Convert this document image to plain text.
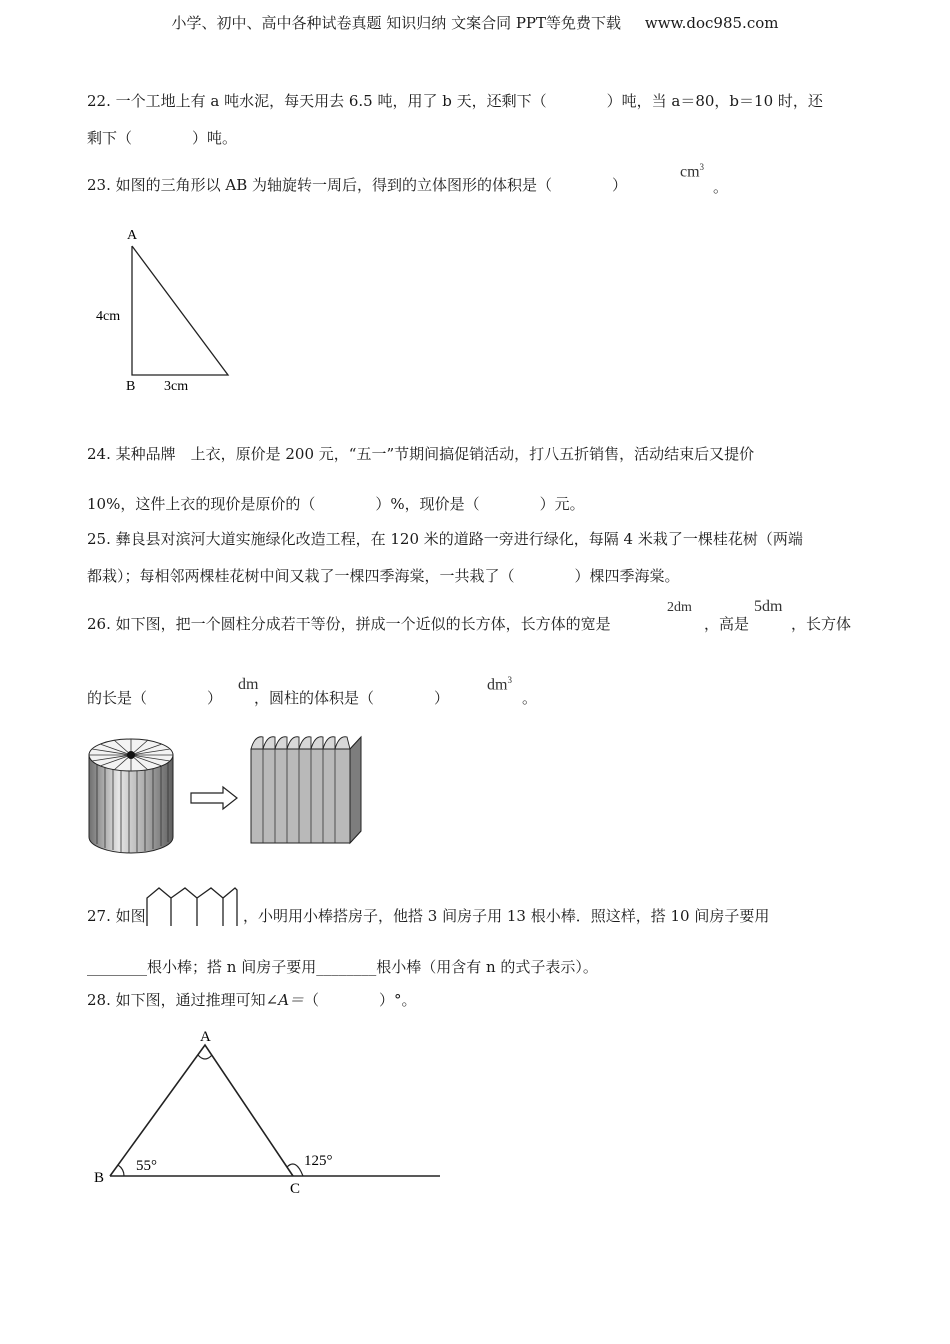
小学、初中、高中各种试卷真题 知识归纳 文案合同 PPT等免费下载 www.doc985.com
22. 一个工地上有 a 吨水泥，每天用去 6.5 吨，用了 b 天，还剩下（　　　　）吨，当 a＝80，b＝10 时，还
剩下（　　　　）吨。
23. 如图的三角形以 AB 为轴旋转一周后，得到的立体图形的体积是（　　　　）
$cm^3$
。
A
B
4cm
3cm
24. 某种品牌　上衣，原价是 200 元，“五一”节期间搞促销活动，打八五折销售，活动结束后又提价
10%，这件上衣的现价是原价的（　　　　）%，现价是（　　　　）元。
25. 彝良县对滨河大道实施绿化改造工程，在 120 米的道路一旁进行绿化，每隔 4 米栽了一棵桂花树（两端
都栽）；每相邻两棵桂花树中间又栽了一棵四季海棠，一共栽了（　　　　）棵四季海棠。
26. 如下图，把一个圆柱分成若干等份，拼成一个近似的长方体，长方体的宽是
2dm
，高是
5dm
，长方体
的长是（　　　　）
dm
，圆柱的体积是（　　　　）
$dm^3$
。
27. 如图	，小明用小棒搭房子，他搭 3 间房子用 13 根小棒．照这样，搭 10 间房子要用
________根小棒；搭 n 间房子要用________根小棒（用含有 n 的式子表示）。
28. 如下图，通过推理可知∠A＝（　　　　）°。
A
B
C
55°	125°
